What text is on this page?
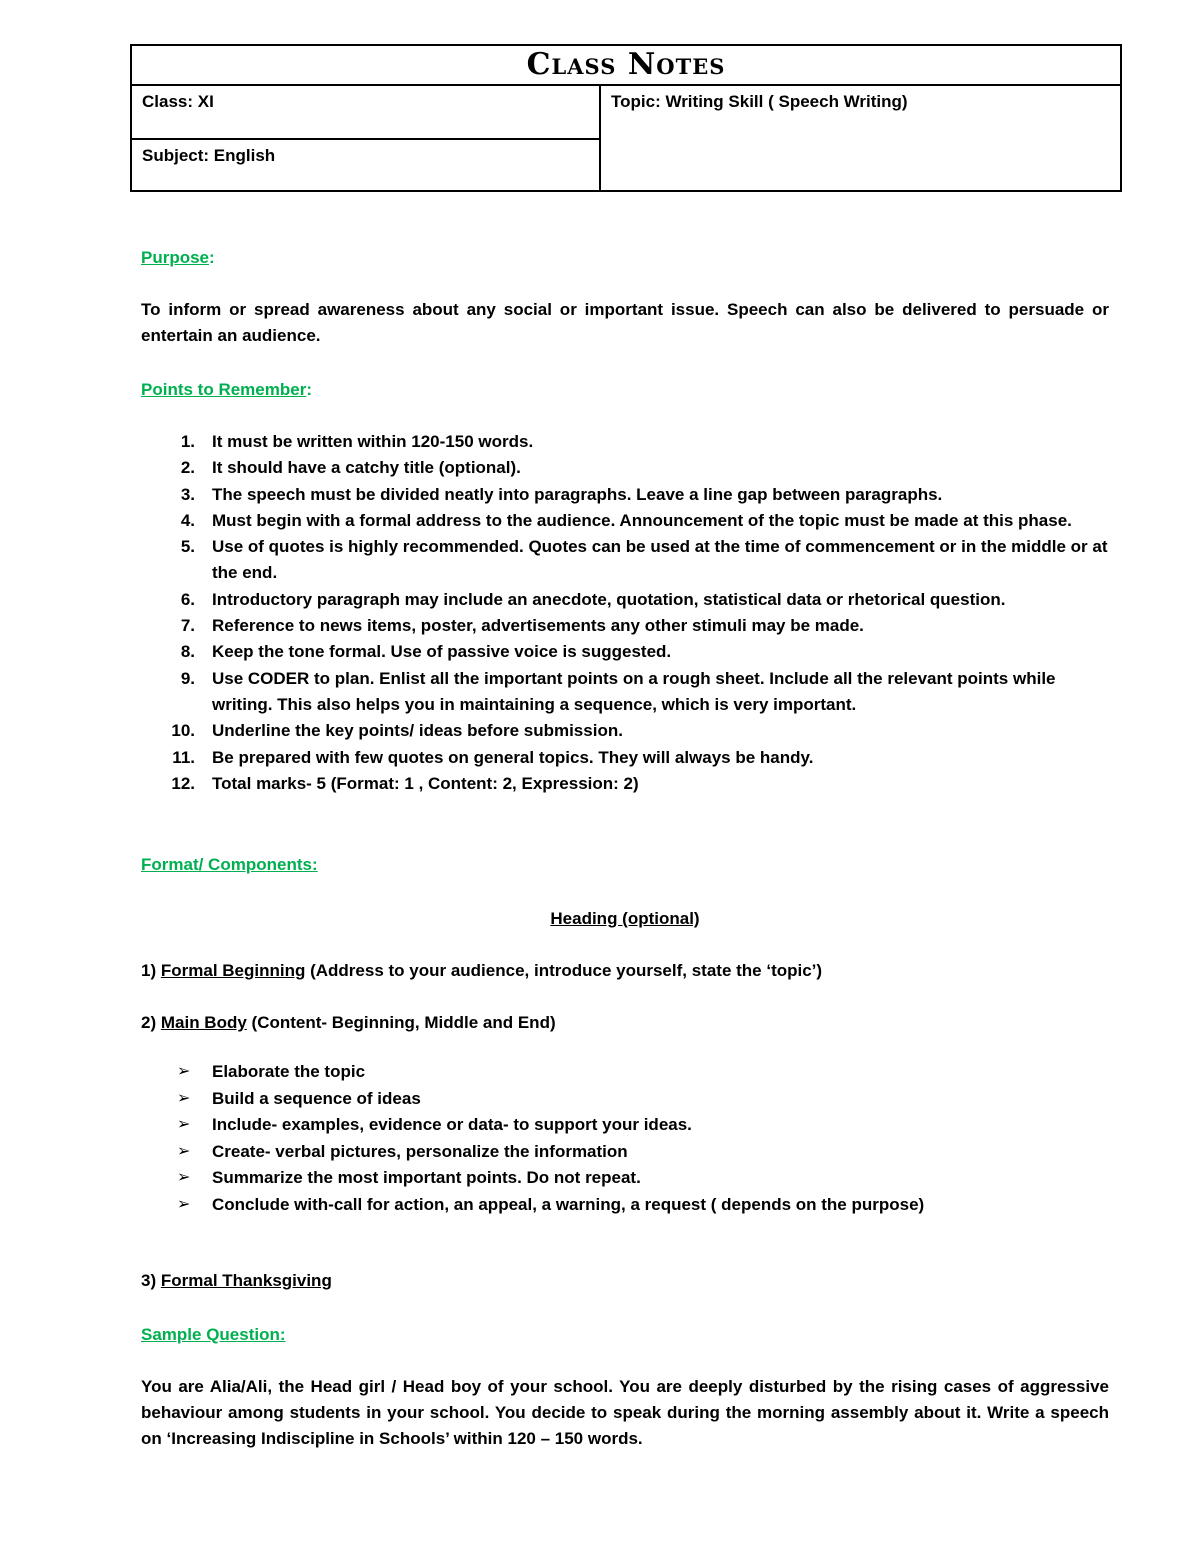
Class Notes
Class: XI
Subject: English
Topic: Writing Skill ( Speech Writing)
Purpose:
To inform or spread awareness about any social or important issue. Speech can also be delivered to persuade or entertain an audience.
Points to Remember:
1. It must be written within 120-150 words.
2. It should have a catchy title (optional).
3. The speech must be divided neatly into paragraphs. Leave a line gap between paragraphs.
4. Must begin with a formal address to the audience. Announcement of the topic must be made at this phase.
5. Use of quotes is highly recommended. Quotes can be used at the time of commencement or in the middle or at the end.
6. Introductory paragraph may include an anecdote, quotation, statistical data or rhetorical question.
7. Reference to news items, poster, advertisements any other stimuli may be made.
8. Keep the tone formal. Use of passive voice is suggested.
9. Use CODER to plan. Enlist all the important points on a rough sheet. Include all the relevant points while writing. This also helps you in maintaining a sequence, which is very important.
10. Underline the key points/ ideas before submission.
11. Be prepared with few quotes on general topics. They will always be handy.
12. Total marks- 5 (Format: 1 , Content: 2, Expression: 2)
Format/ Components:
Heading (optional)
1) Formal Beginning (Address to your audience, introduce yourself, state the ‘topic’)
2) Main Body (Content- Beginning, Middle and End)
➢ Elaborate the topic
➢ Build a sequence of ideas
➢ Include- examples, evidence or data- to support your ideas.
➢ Create- verbal pictures, personalize the information
➢ Summarize the most important points. Do not repeat.
➢ Conclude with-call for action, an appeal, a warning, a request ( depends on the purpose)
3) Formal Thanksgiving
Sample Question:
You are Alia/Ali, the Head girl / Head boy of your school. You are deeply disturbed by the rising cases of aggressive behaviour among students in your school. You decide to speak during the morning assembly about it. Write a speech on ‘Increasing Indiscipline in Schools’ within 120 – 150 words.
